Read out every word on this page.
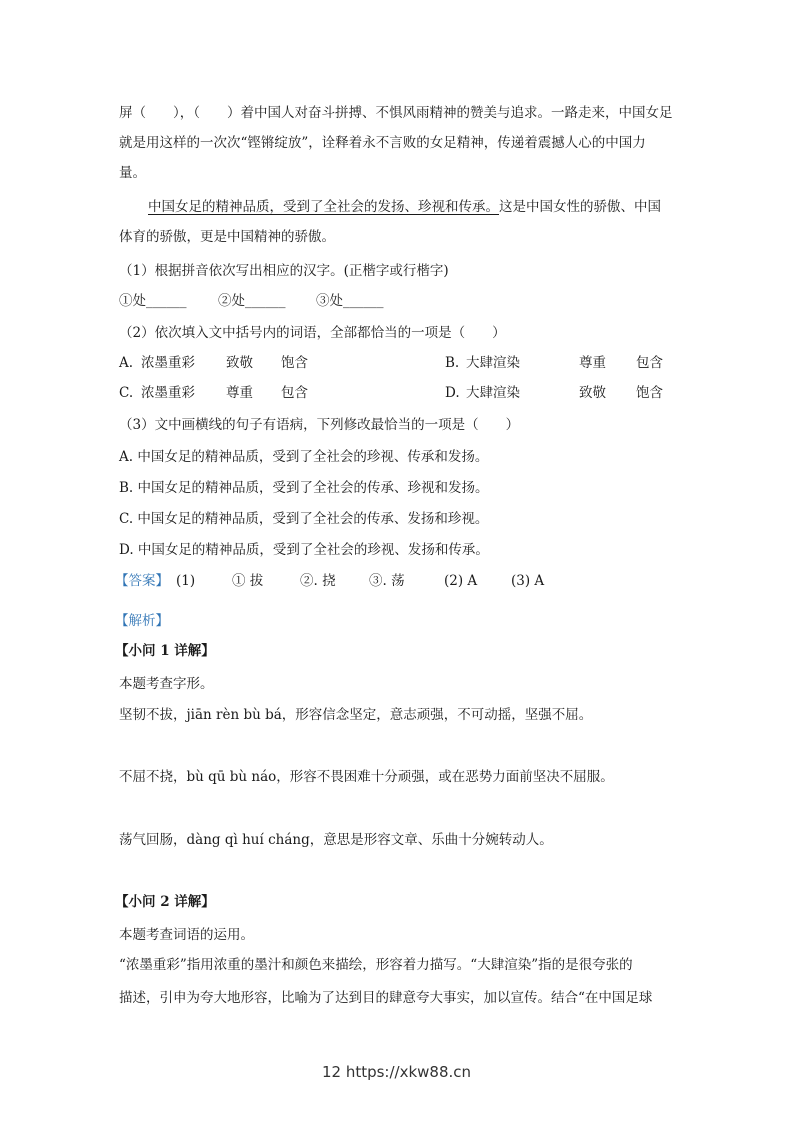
屏（　　），（　　）着中国人对奋斗拼搏、不惧风雨精神的赞美与追求。一路走来，中国女足
就是用这样的一次次“铿锵绽放”，诠释着永不言败的女足精神，传递着震撼人心的中国力
量。
中国女足的精神品质，受到了全社会的发扬、珍视和传承。这是中国女性的骄傲、中国
体育的骄傲，更是中国精神的骄傲。
（1）根据拼音依次写出相应的汉字。(正楷字或行楷字)
①处______ ②处______ ③处______
（2）依次填入文中括号内的词语，全部都恰当的一项是（　　）
A. 浓墨重彩 致敬 饱含	B. 大肆渲染	尊重 包含
C. 浓墨重彩 尊重 包含	D. 大肆渲染	致敬 饱含
（3）文中画横线的句子有语病，下列修改最恰当的一项是（　　）
A. 中国女足的精神品质，受到了全社会的珍视、传承和发扬。
B. 中国女足的精神品质，受到了全社会的传承、珍视和发扬。
C. 中国女足的精神品质，受到了全社会的传承、发扬和珍视。
D. 中国女足的精神品质，受到了全社会的珍视、发扬和传承。
【答案】 (1)	① 拔	②. 挠 ③. 荡	(2) A	(3) A
【解析】
【小问 1 详解】
本题考查字形。
坚韧不拔，jiān rèn bù bá，形容信念坚定，意志顽强，不可动摇，坚强不屈。
不屈不挠，bù qū bù náo，形容不畏困难十分顽强，或在恶势力面前坚决不屈服。
荡气回肠，dàng qì huí cháng，意思是形容文章、乐曲十分婉转动人。
【小问 2 详解】
本题考查词语的运用。
“浓墨重彩”指用浓重的墨汁和颜色来描绘，形容着力描写。“大肆渲染”指的是很夸张的
描述，引申为夸大地形容，比喻为了达到目的肆意夸大事实，加以宣传。结合“在中国足球
12 https://xkw88.cn
